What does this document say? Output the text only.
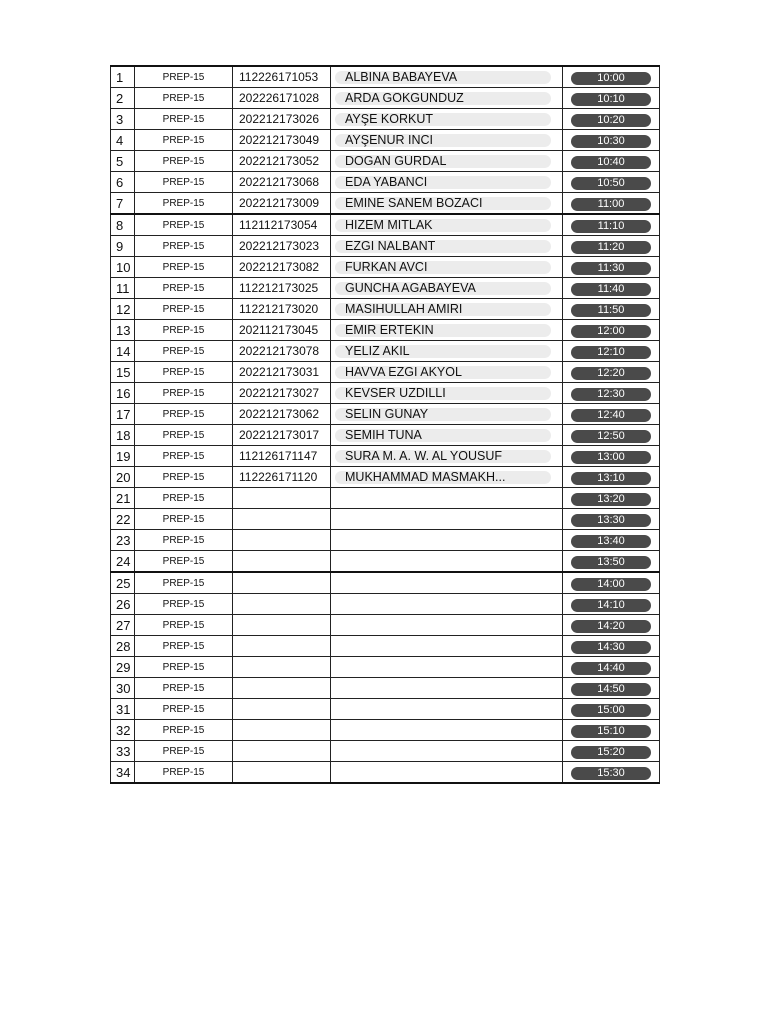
1	PREP-15	112226171053	ALBINA BABAYEVA	10:00
2	PREP-15	202226171028	ARDA GÖKGÜNDÜZ	10:10
3	PREP-15	202212173026	AYŞE KORKUT	10:20
4	PREP-15	202212173049	AYŞENUR İNCİ	10:30
5	PREP-15	202212173052	DOĞAN GÜRDAL	10:40
6	PREP-15	202212173068	EDA YABANCI	10:50
7	PREP-15	202212173009	EMİNE SANEM BOZACI	11:00
8	PREP-15	112112173054	HİZEM MITLAK	11:10
9	PREP-15	202212173023	EZGİ NALBANT	11:20
10	PREP-15	202212173082	FURKAN AVCI	11:30
11	PREP-15	112212173025	GUNCHA AGABAYEVA	11:40
12	PREP-15	112212173020	MASIHULLAH AMIRI	11:50
13	PREP-15	202112173045	EMİR ERTEKİN	12:00
14	PREP-15	202212173078	YELİZ AKİL	12:10
15	PREP-15	202212173031	HAVVA EZGİ AKYOL	12:20
16	PREP-15	202212173027	KEVSER UZDİLLİ	12:30
17	PREP-15	202212173062	SELİN GÜNAY	12:40
18	PREP-15	202212173017	SEMİH TUNA	12:50
19	PREP-15	112126171147	SURA M. A. W. AL YOUSUF	13:00
20	PREP-15	112226171120	MUKHAMMAD MASMAKH...	13:10
21	PREP-15			13:20
22	PREP-15			13:30
23	PREP-15			13:40
24	PREP-15			13:50
25	PREP-15			14:00
26	PREP-15			14:10
27	PREP-15			14:20
28	PREP-15			14:30
29	PREP-15			14:40
30	PREP-15			14:50
31	PREP-15			15:00
32	PREP-15			15:10
33	PREP-15			15:20
34	PREP-15			15:30
